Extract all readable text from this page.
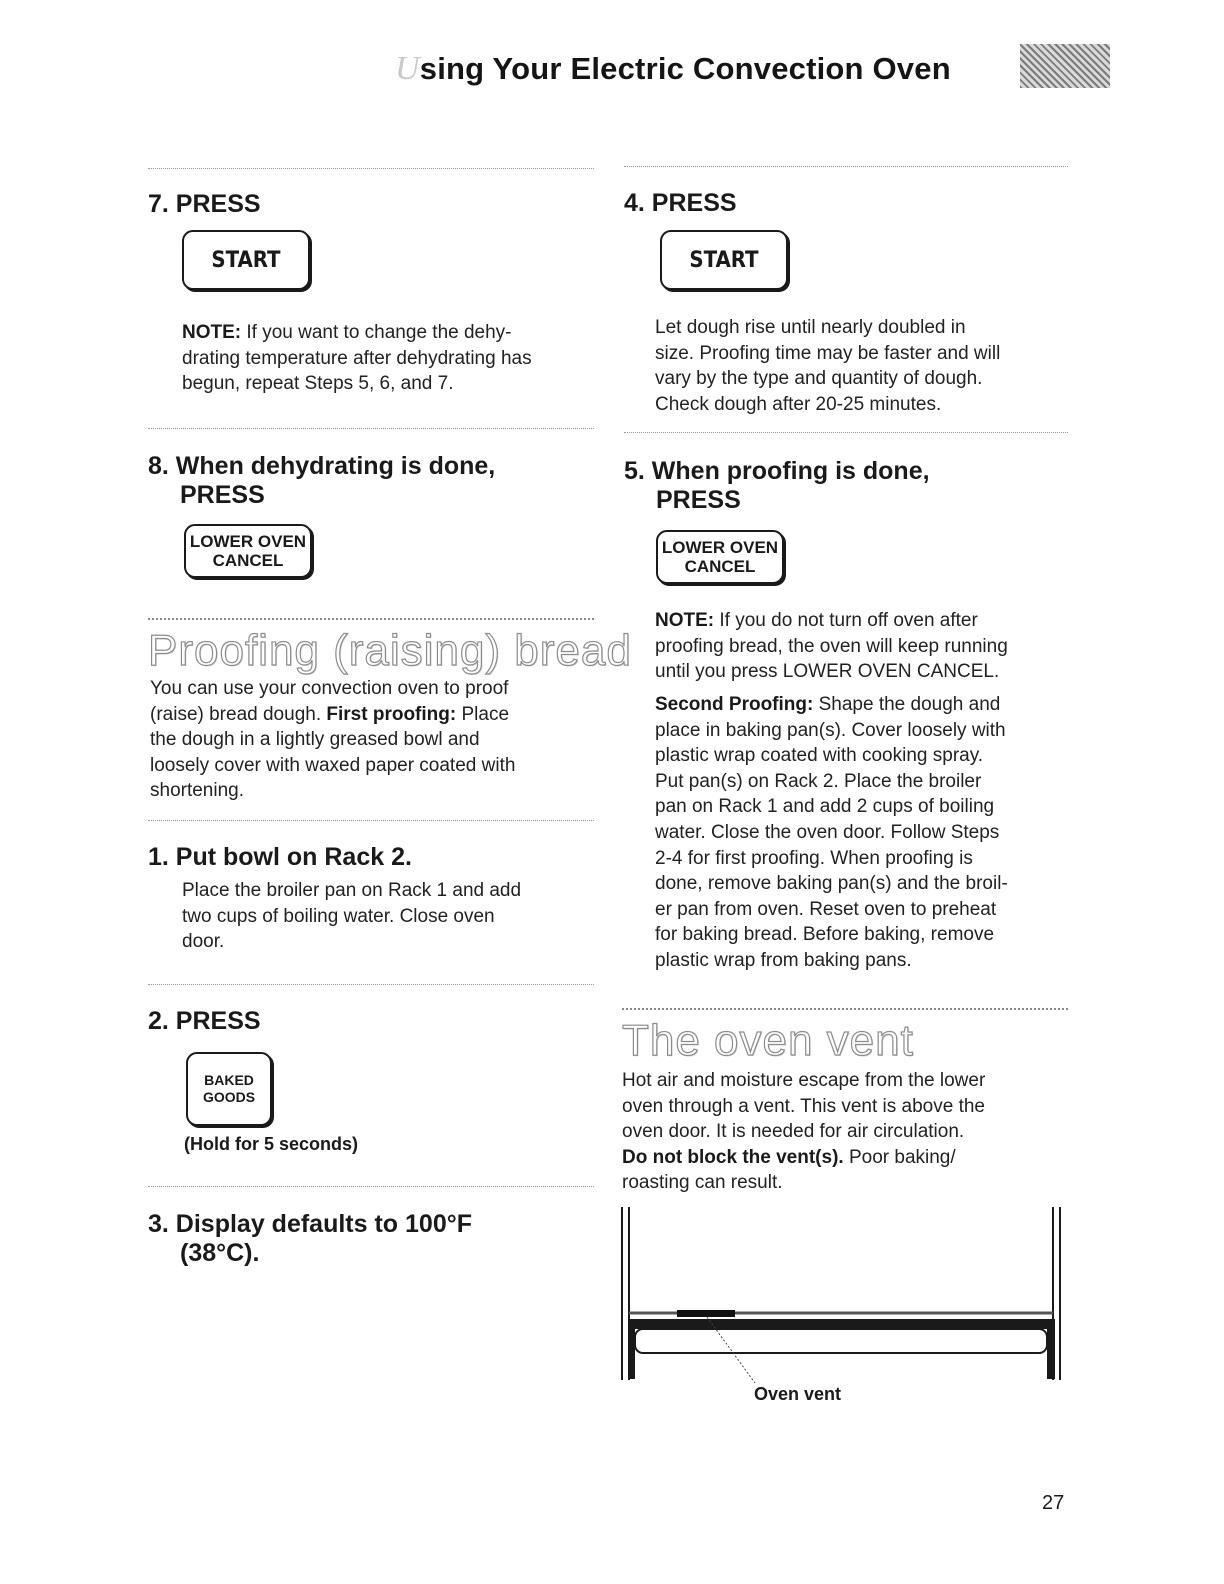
Using Your Electric Convection Oven
7. PRESS
START
NOTE: If you want to change the dehy-
drating temperature after dehydrating has
begun, repeat Steps 5, 6, and 7.
8. When dehydrating is done,
PRESS
LOWER OVEN
CANCEL
Proofing (raising) bread
You can use your convection oven to proof
(raise) bread dough. First proofing: Place
the dough in a lightly greased bowl and
loosely cover with waxed paper coated with
shortening.
1. Put bowl on Rack 2.
Place the broiler pan on Rack 1 and add
two cups of boiling water. Close oven
door.
2. PRESS
BAKED
GOODS
(Hold for 5 seconds)
3. Display defaults to 100°F
(38°C).
4. PRESS
START
Let dough rise until nearly doubled in
size. Proofing time may be faster and will
vary by the type and quantity of dough.
Check dough after 20-25 minutes.
5. When proofing is done,
PRESS
LOWER OVEN
CANCEL
NOTE: If you do not turn off oven after
proofing bread, the oven will keep running
until you press LOWER OVEN CANCEL.
Second Proofing: Shape the dough and
place in baking pan(s). Cover loosely with
plastic wrap coated with cooking spray.
Put pan(s) on Rack 2. Place the broiler
pan on Rack 1 and add 2 cups of boiling
water. Close the oven door. Follow Steps
2-4 for first proofing. When proofing is
done, remove baking pan(s) and the broil-
er pan from oven. Reset oven to preheat
for baking bread. Before baking, remove
plastic wrap from baking pans.
The oven vent
Hot air and moisture escape from the lower
oven through a vent. This vent is above the
oven door. It is needed for air circulation.
Do not block the vent(s). Poor baking/
roasting can result.
Oven vent
27
